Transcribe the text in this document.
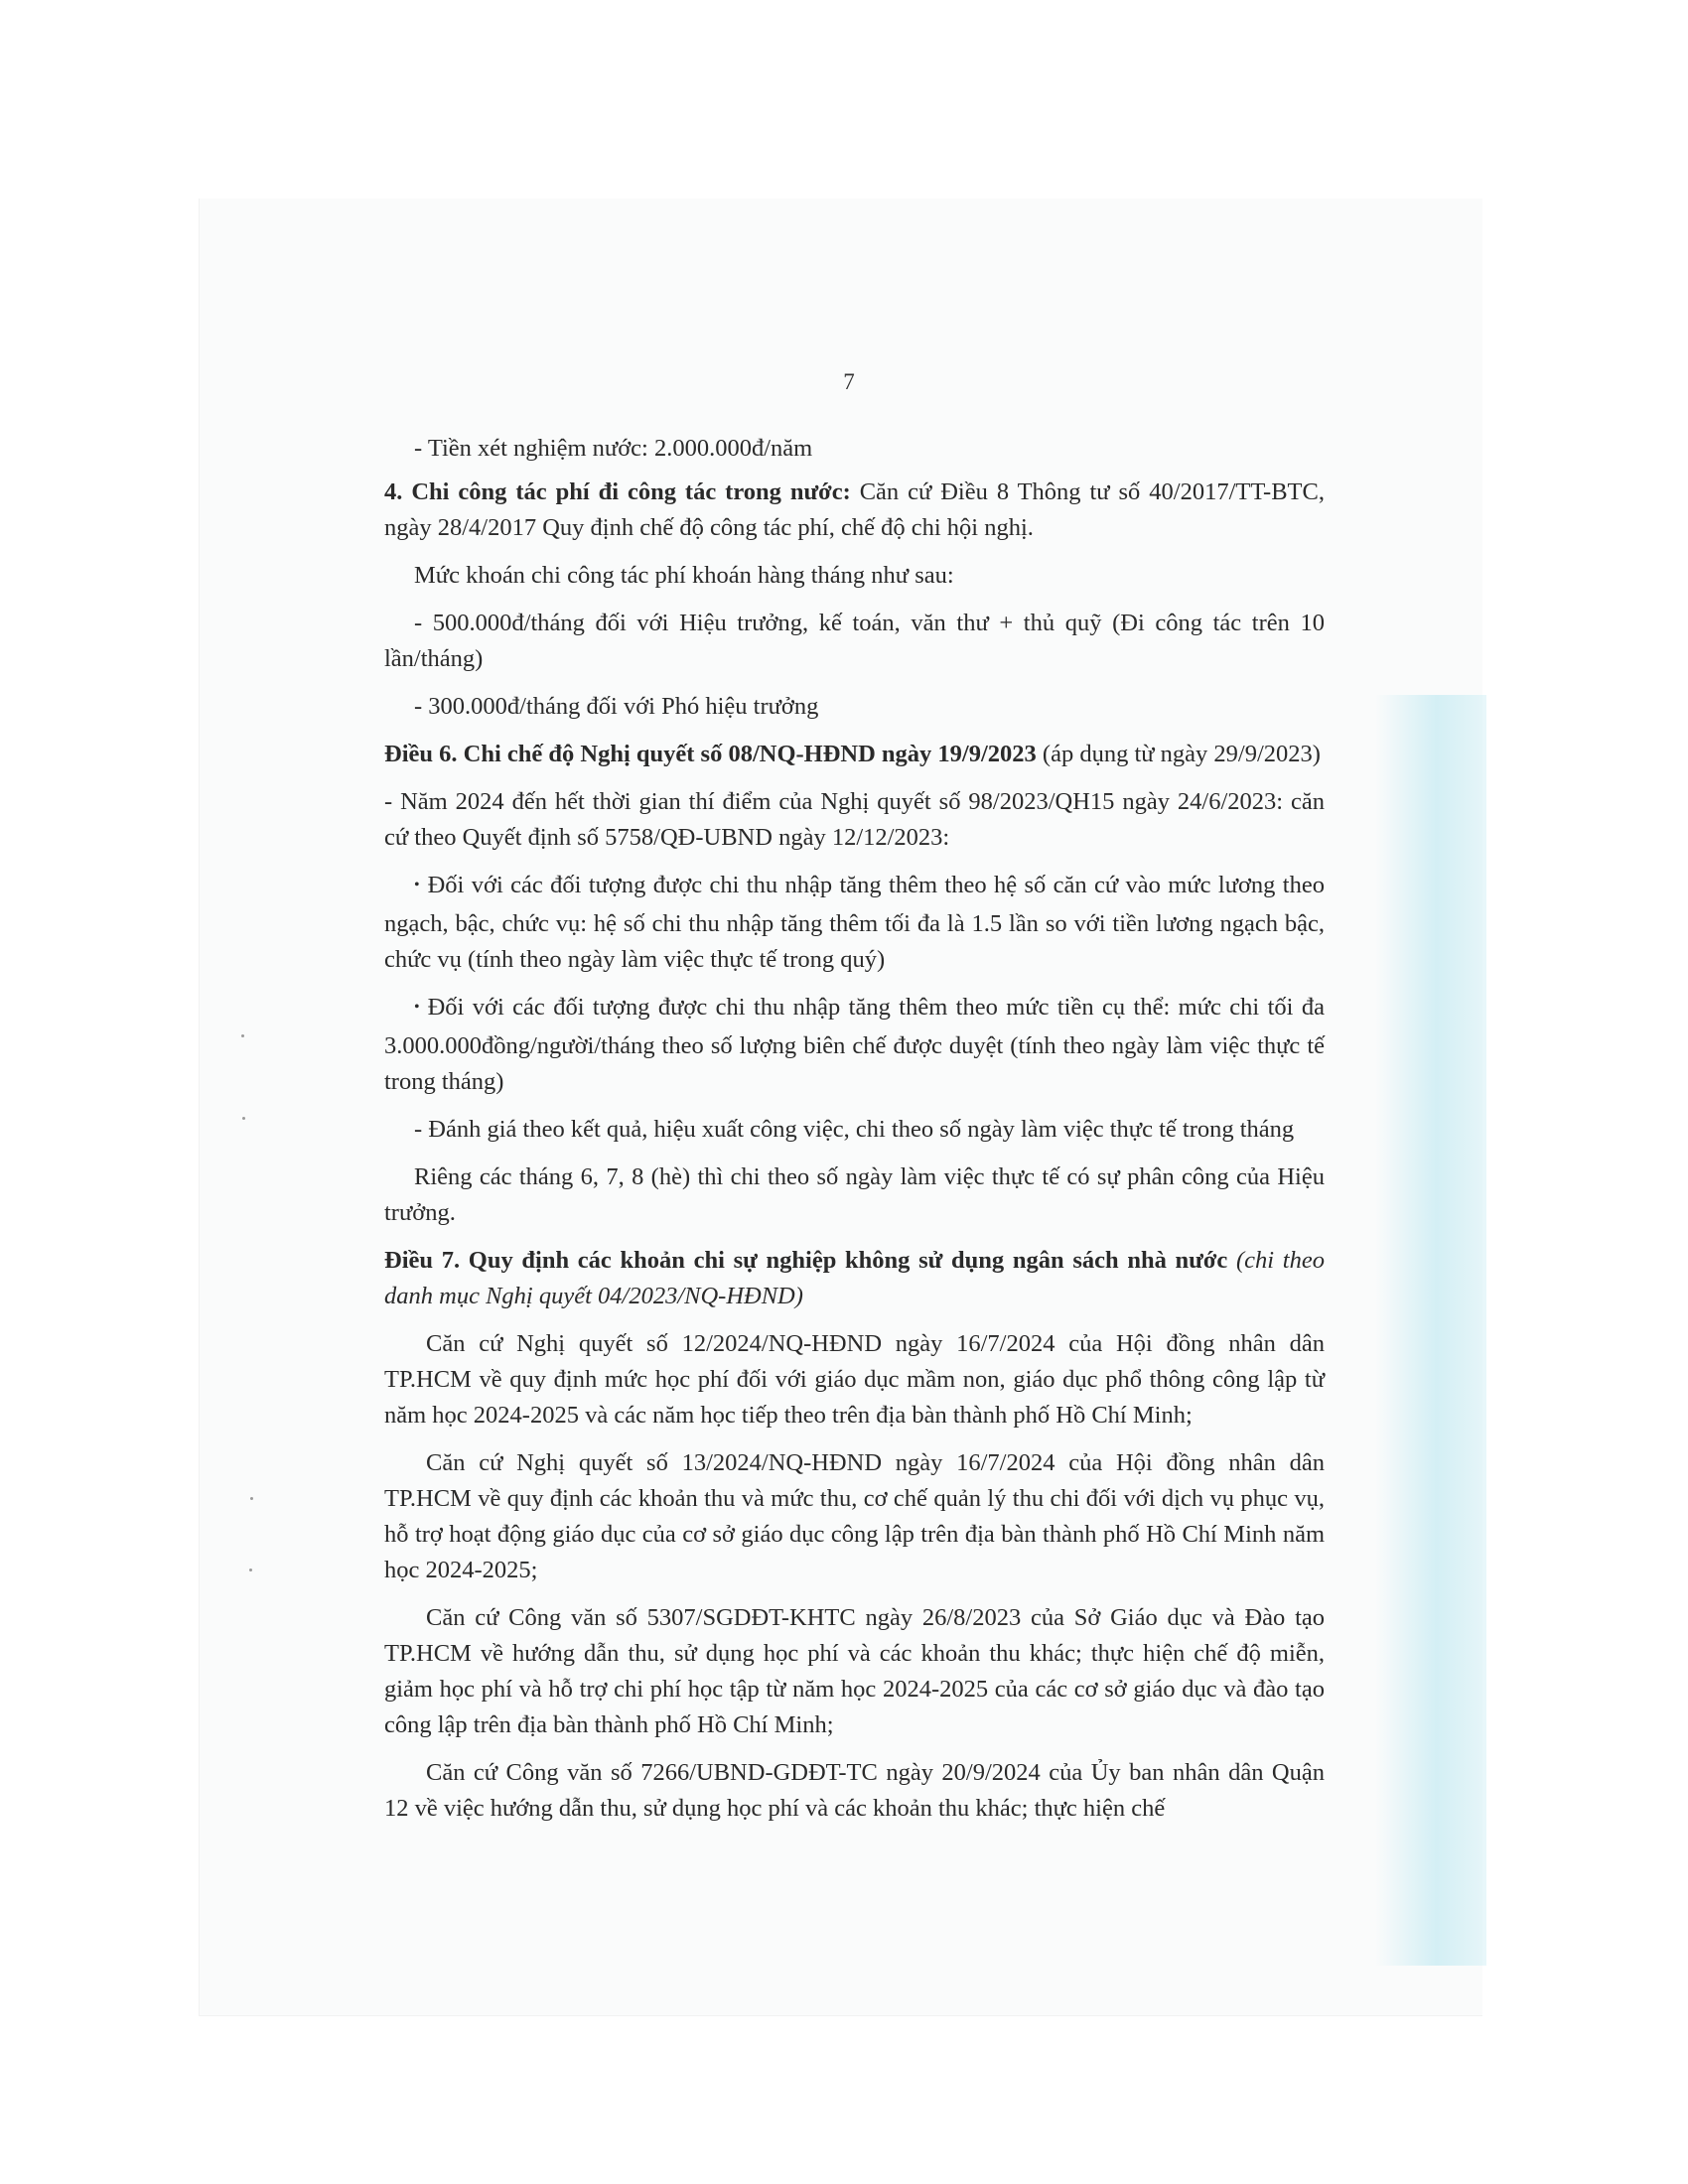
7

- Tiền xét nghiệm nước: 2.000.000đ/năm

4. Chi công tác phí đi công tác trong nước: Căn cứ Điều 8 Thông tư số 40/2017/TT-BTC, ngày 28/4/2017 Quy định chế độ công tác phí, chế độ chi hội nghị.

Mức khoán chi công tác phí khoán hàng tháng như sau:

- 500.000đ/tháng đối với Hiệu trưởng, kế toán, văn thư + thủ quỹ (Đi công tác trên 10 lần/tháng)

- 300.000đ/tháng đối với Phó hiệu trưởng

Điều 6. Chi chế độ Nghị quyết số 08/NQ-HĐND ngày 19/9/2023 (áp dụng từ ngày 29/9/2023)

- Năm 2024 đến hết thời gian thí điểm của Nghị quyết số 98/2023/QH15 ngày 24/6/2023: căn cứ theo Quyết định số 5758/QĐ-UBND ngày 12/12/2023:

• Đối với các đối tượng được chi thu nhập tăng thêm theo hệ số căn cứ vào mức lương theo ngạch, bậc, chức vụ: hệ số chi thu nhập tăng thêm tối đa là 1.5 lần so với tiền lương ngạch bậc, chức vụ (tính theo ngày làm việc thực tế trong quý)

• Đối với các đối tượng được chi thu nhập tăng thêm theo mức tiền cụ thể: mức chi tối đa 3.000.000đồng/người/tháng theo số lượng biên chế được duyệt (tính theo ngày làm việc thực tế trong tháng)

- Đánh giá theo kết quả, hiệu xuất công việc, chi theo số ngày làm việc thực tế trong tháng

Riêng các tháng 6, 7, 8 (hè) thì chi theo số ngày làm việc thực tế có sự phân công của Hiệu trưởng.

Điều 7. Quy định các khoản chi sự nghiệp không sử dụng ngân sách nhà nước (chi theo danh mục Nghị quyết 04/2023/NQ-HĐND)

Căn cứ Nghị quyết số 12/2024/NQ-HĐND ngày 16/7/2024 của Hội đồng nhân dân TP.HCM về quy định mức học phí đối với giáo dục mầm non, giáo dục phổ thông công lập từ năm học 2024-2025 và các năm học tiếp theo trên địa bàn thành phố Hồ Chí Minh;

Căn cứ Nghị quyết số 13/2024/NQ-HĐND ngày 16/7/2024 của Hội đồng nhân dân TP.HCM về quy định các khoản thu và mức thu, cơ chế quản lý thu chi đối với dịch vụ phục vụ, hỗ trợ hoạt động giáo dục của cơ sở giáo dục công lập trên địa bàn thành phố Hồ Chí Minh năm học 2024-2025;

Căn cứ Công văn số 5307/SGDĐT-KHTC ngày 26/8/2023 của Sở Giáo dục và Đào tạo TP.HCM về hướng dẫn thu, sử dụng học phí và các khoản thu khác; thực hiện chế độ miễn, giảm học phí và hỗ trợ chi phí học tập từ năm học 2024-2025 của các cơ sở giáo dục và đào tạo công lập trên địa bàn thành phố Hồ Chí Minh;

Căn cứ Công văn số 7266/UBND-GDĐT-TC ngày 20/9/2024 của Ủy ban nhân dân Quận 12 về việc hướng dẫn thu, sử dụng học phí và các khoản thu khác; thực hiện chế
